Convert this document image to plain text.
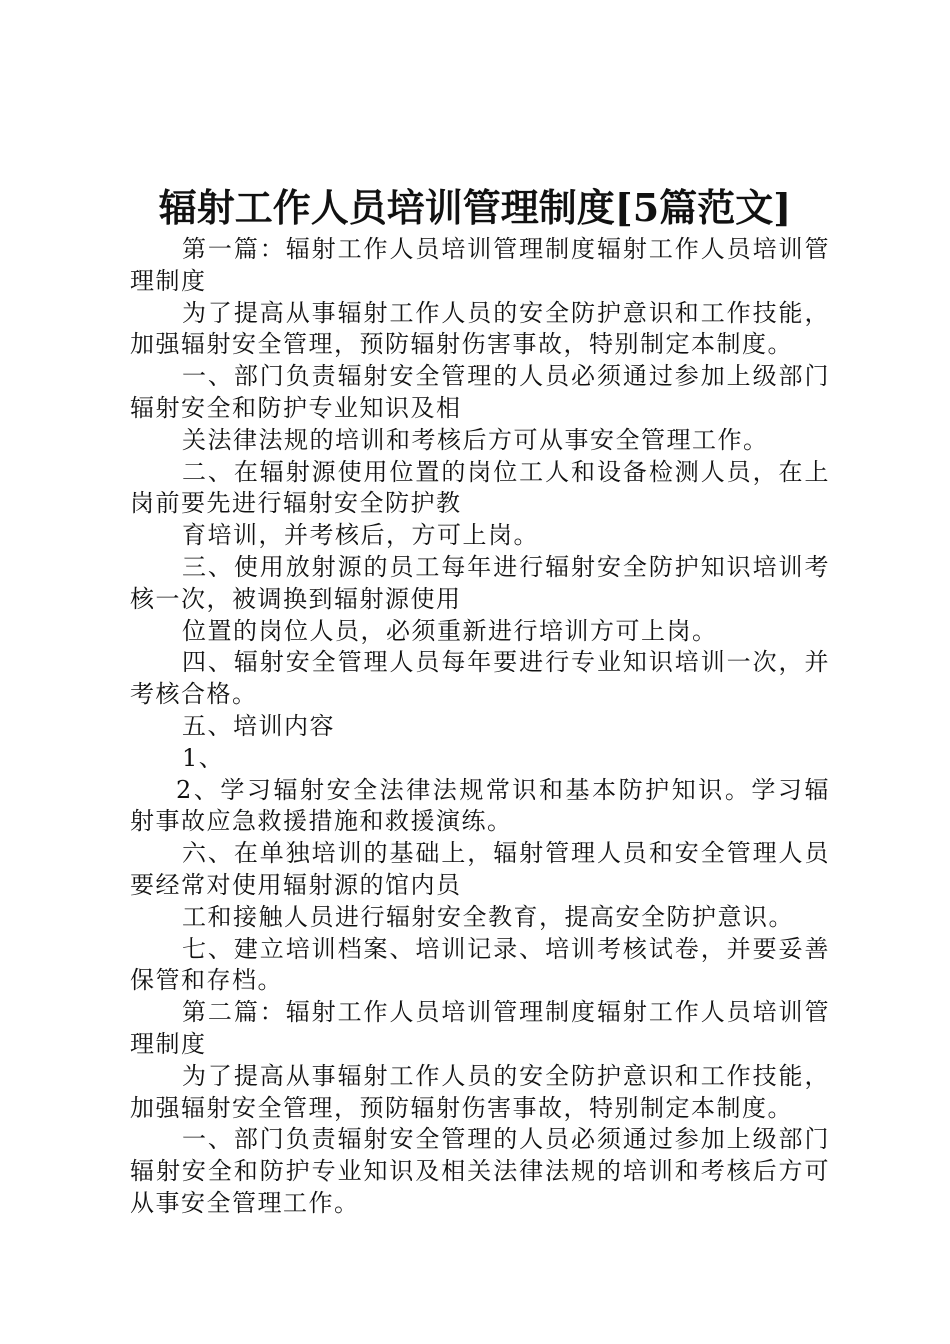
辐射工作人员培训管理制度[5篇范文]

第一篇：辐射工作人员培训管理制度辐射工作人员培训管理制度

为了提高从事辐射工作人员的安全防护意识和工作技能，加强辐射安全管理，预防辐射伤害事故，特别制定本制度。

一、部门负责辐射安全管理的人员必须通过参加上级部门辐射安全和防护专业知识及相

关法律法规的培训和考核后方可从事安全管理工作。

二、在辐射源使用位置的岗位工人和设备检测人员，在上岗前要先进行辐射安全防护教

育培训，并考核后，方可上岗。

三、使用放射源的员工每年进行辐射安全防护知识培训考核一次，被调换到辐射源使用

位置的岗位人员，必须重新进行培训方可上岗。

四、辐射安全管理人员每年要进行专业知识培训一次，并考核合格。

五、培训内容

1、

2、学习辐射安全法律法规常识和基本防护知识。学习辐射事故应急救援措施和救援演练。

六、在单独培训的基础上，辐射管理人员和安全管理人员要经常对使用辐射源的馆内员

工和接触人员进行辐射安全教育，提高安全防护意识。

七、建立培训档案、培训记录、培训考核试卷，并要妥善保管和存档。

第二篇：辐射工作人员培训管理制度辐射工作人员培训管理制度

为了提高从事辐射工作人员的安全防护意识和工作技能，加强辐射安全管理，预防辐射伤害事故，特别制定本制度。

一、部门负责辐射安全管理的人员必须通过参加上级部门辐射安全和防护专业知识及相关法律法规的培训和考核后方可从事安全管理工作。
